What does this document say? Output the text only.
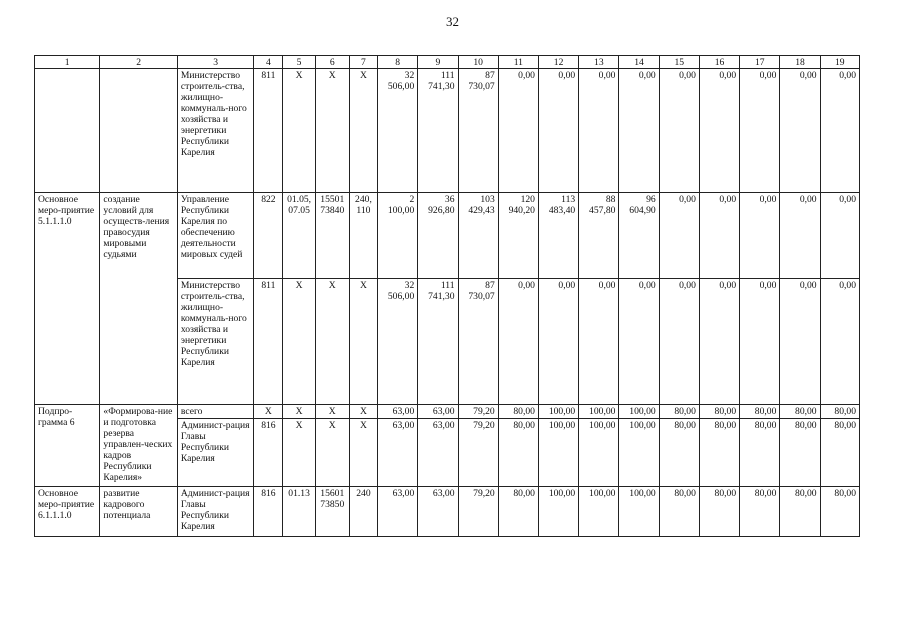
32
1	2	3	4	5	6	7	8	9	10	11	12	13	14	15	16	17	18	19
		Министерство строитель-ства, жилищно-коммуналь-ного хозяйства и энергетики Республики Карелия	811	X	X	X	32 506,00	111 741,30	87 730,07	0,00	0,00	0,00	0,00	0,00	0,00	0,00	0,00	0,00
Основное меро-приятие 5.1.1.1.0	создание условий для осуществ-ления правосудия мировыми судьями	Управление Республики Карелия по обеспечению деятельности мировых судей	822	01.05, 07.05	15501 73840	240, 110	2 100,00	36 926,80	103 429,43	120 940,20	113 483,40	88 457,80	96 604,90	0,00	0,00	0,00	0,00	0,00
		Министерство строитель-ства, жилищно-коммуналь-ного хозяйства и энергетики Республики Карелия	811	X	X	X	32 506,00	111 741,30	87 730,07	0,00	0,00	0,00	0,00	0,00	0,00	0,00	0,00	0,00
Подпро-грамма 6	«Формирова-ние и подготовка резерва управлен-ческих кадров Республики Карелия»	всего	X	X	X	X	63,00	63,00	79,20	80,00	100,00	100,00	100,00	80,00	80,00	80,00	80,00	80,00
		Админист-рация Главы Республики Карелия	816	X	X	X	63,00	63,00	79,20	80,00	100,00	100,00	100,00	80,00	80,00	80,00	80,00	80,00
Основное меро-приятие 6.1.1.1.0	развитие кадрового потенциала	Админист-рация Главы Республики Карелия	816	01.13	15601 73850	240	63,00	63,00	79,20	80,00	100,00	100,00	100,00	80,00	80,00	80,00	80,00	80,00
